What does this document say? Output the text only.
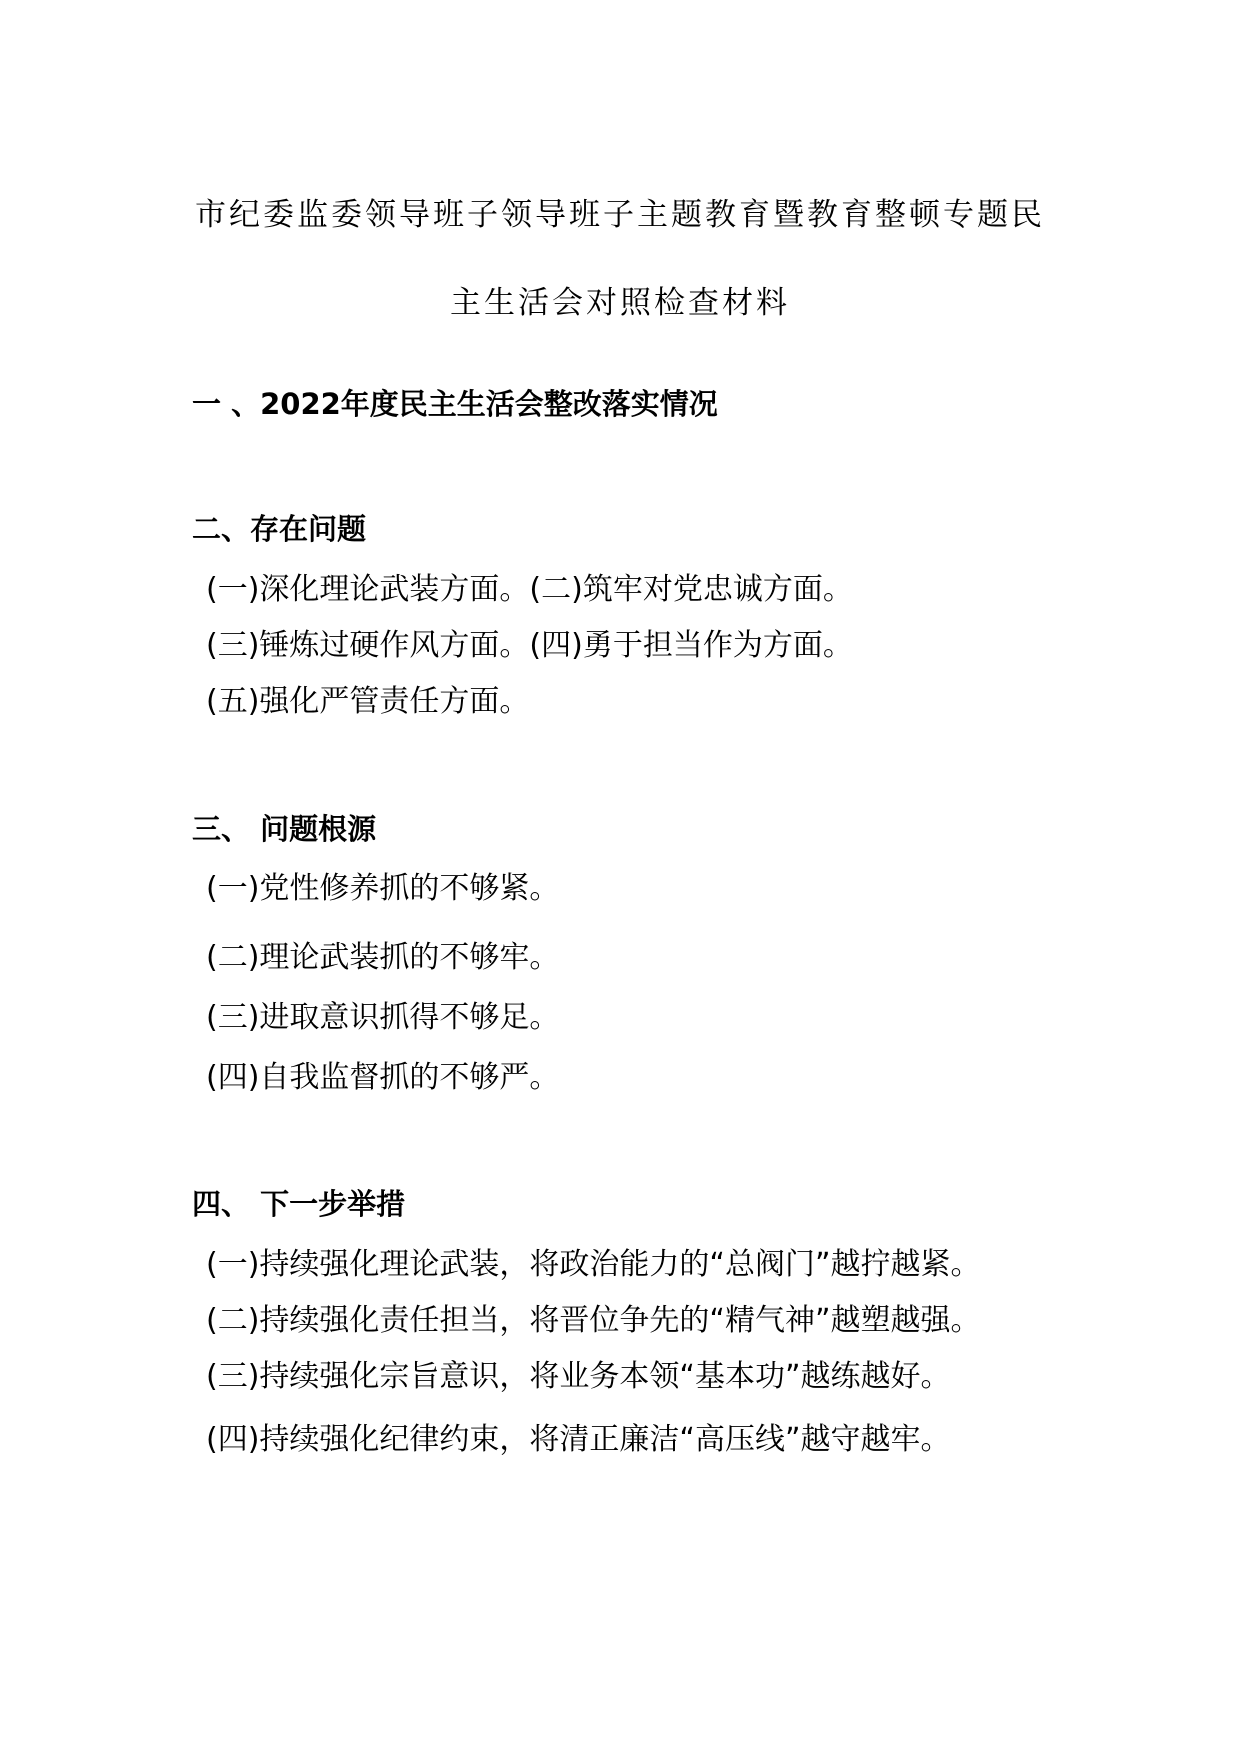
市纪委监委领导班子领导班子主题教育暨教育整顿专题民
主生活会对照检查材料
一 、2022年度民主生活会整改落实情况
二、存在问题
(一)深化理论武装方面。(二)筑牢对党忠诚方面。
(三)锤炼过硬作风方面。(四)勇于担当作为方面。
(五)强化严管责任方面。
三、 问题根源
(一)党性修养抓的不够紧。
(二)理论武装抓的不够牢。
(三)进取意识抓得不够足。
(四)自我监督抓的不够严。
四、 下一步举措
(一)持续强化理论武装，将政治能力的“总阀门”越拧越紧。
(二)持续强化责任担当，将晋位争先的“精气神”越塑越强。
(三)持续强化宗旨意识，将业务本领“基本功”越练越好。
(四)持续强化纪律约束，将清正廉洁“高压线”越守越牢。
